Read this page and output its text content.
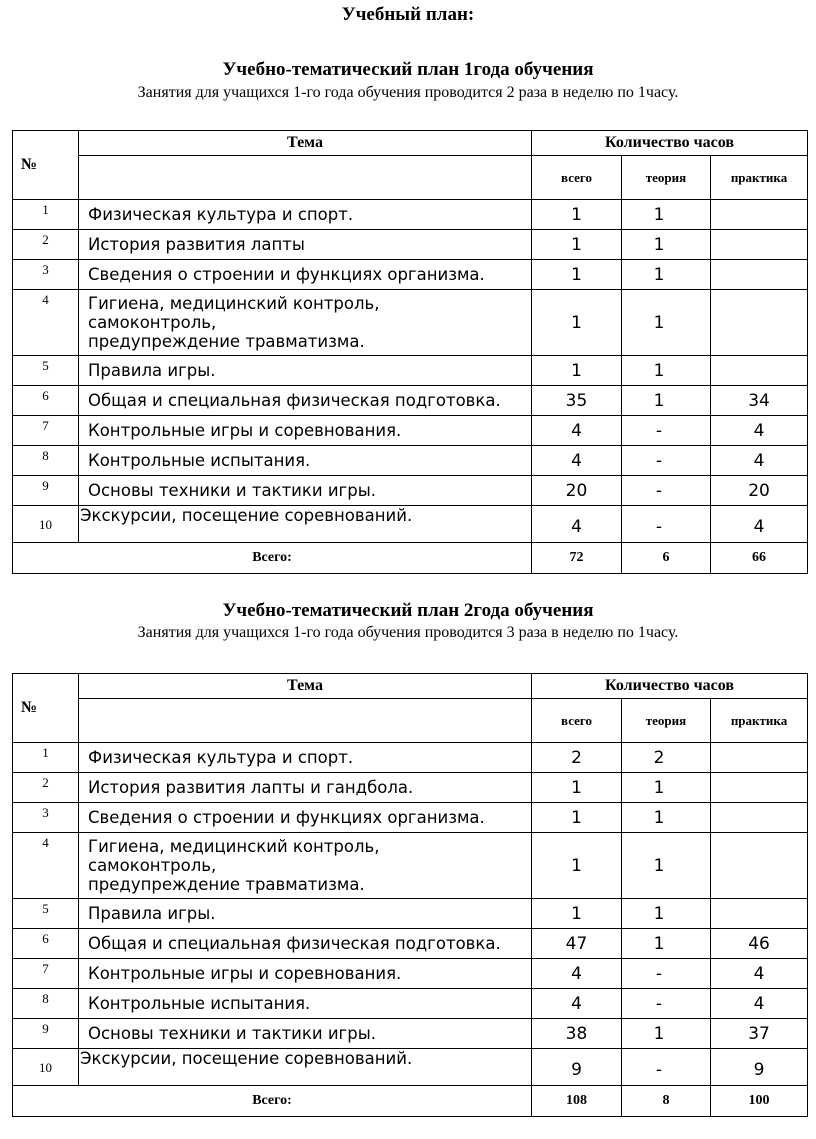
Учебный план:
Учебно-тематический план 1года обучения
Занятия для учащихся 1-го года обучения проводится 2 раза в неделю по 1часу.
№	Тема	Количество часов		
		всего	теория	практика
1	Физическая культура и спорт.	1	1	
2	История развития лапты	1	1	
3	Сведения о строении и функциях организма.	1	1	
4	Гигиена, медицинский контроль,
самоконтроль,
предупреждение травматизма.	1	1	
5	Правила игры.	1	1	
6	Общая и специальная физическая подготовка.	35	1	34
7	Контрольные игры и соревнования.	4	-	4
8	Контрольные испытания.	4	-	4
9	Основы техники и тактики игры.	20	-	20
10	Экскурсии, посещение соревнований.	4	-	4
Всего:		72	6	66
Учебно-тематический план 2года обучения
Занятия для учащихся 1-го года обучения проводится 3 раза в неделю по 1часу.
№	Тема	Количество часов		
		всего	теория	практика
1	Физическая культура и спорт.	2	2	
2	История развития лапты и гандбола.	1	1	
3	Сведения о строении и функциях организма.	1	1	
4	Гигиена, медицинский контроль,
самоконтроль,
предупреждение травматизма.	1	1	
5	Правила игры.	1	1	
6	Общая и специальная физическая подготовка.	47	1	46
7	Контрольные игры и соревнования.	4	-	4
8	Контрольные испытания.	4	-	4
9	Основы техники и тактики игры.	38	1	37
10	Экскурсии, посещение соревнований.	9	-	9
Всего:		108	8	100
